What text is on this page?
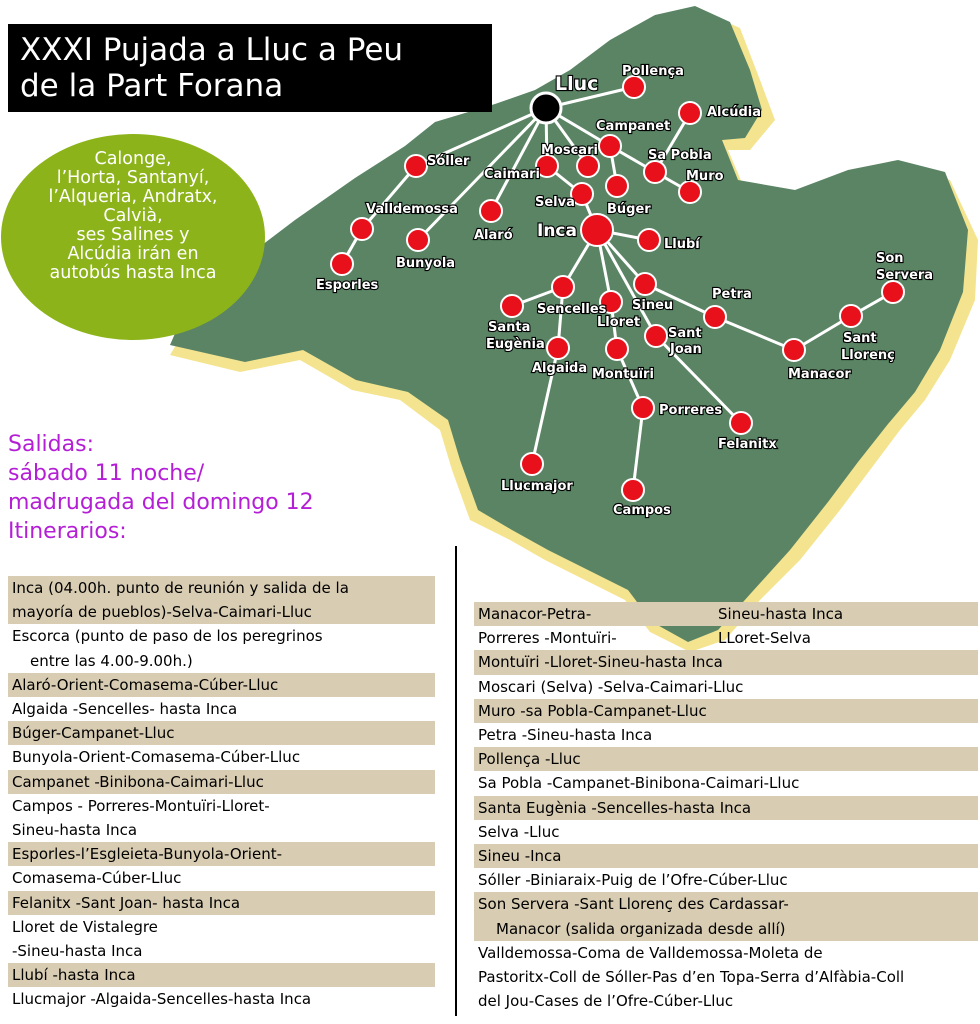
Lluc
Pollença
Alcúdia
Campanet
Sa Pobla
Moscari
Caimari	Muro
Sóller
Selva Búger
Valldemossa
Alaró Inca
Llubí
Bunyola
Esporles
Son
Servera
Petra
Sencelles Sineu
Lloret
Santa
Eugènia
Sant
Joan
Sant
Llorenç
Algaida Montuïri	Manacor
Porreres
Felanitx
Llucmajor
Campos
XXXI Pujada a Lluc a Peu
de la Part Forana
Calonge,
l’Horta, Santanyí,
l’Alqueria, Andratx,
Calvià,
ses Salines y
Alcúdia irán en
autobús hasta Inca
Salidas:
sábado 11 noche/
madrugada del domingo 12
Itinerarios:
Inca (04.00h. punto de reunión y salida de la
mayoría de pueblos)-Selva-Caimari-Lluc
Escorca (punto de paso de los peregrinos
entre las 4.00-9.00h.)
Alaró-Orient-Comasema-Cúber-Lluc
Algaida -Sencelles- hasta Inca
Búger-Campanet-Lluc
Bunyola-Orient-Comasema-Cúber-Lluc
Campanet -Binibona-Caimari-Lluc
Campos - Porreres-Montuïri-Lloret-
Sineu-hasta Inca
Esporles-l’Esgleieta-Bunyola-Orient-
Comasema-Cúber-Lluc
Felanitx -Sant Joan- hasta Inca
Lloret de Vistalegre
-Sineu-hasta Inca
Llubí -hasta Inca
Llucmajor -Algaida-Sencelles-hasta Inca
Manacor-Petra-	Sineu-hasta Inca
Porreres -Montuïri-	LLoret-Selva
Montuïri -Lloret-Sineu-hasta Inca
Moscari (Selva) -Selva-Caimari-Lluc
Muro -sa Pobla-Campanet-Lluc
Petra -Sineu-hasta Inca
Pollença -Lluc
Sa Pobla -Campanet-Binibona-Caimari-Lluc
Santa Eugènia -Sencelles-hasta Inca
Selva -Lluc
Sineu -Inca
Sóller -Biniaraix-Puig de l’Ofre-Cúber-Lluc
Son Servera -Sant Llorenç des Cardassar-
Manacor (salida organizada desde allí)
Valldemossa-Coma de Valldemossa-Moleta de
Pastoritx-Coll de Sóller-Pas d’en Topa-Serra d’Alfàbia-Coll
del Jou-Cases de l’Ofre-Cúber-Lluc
